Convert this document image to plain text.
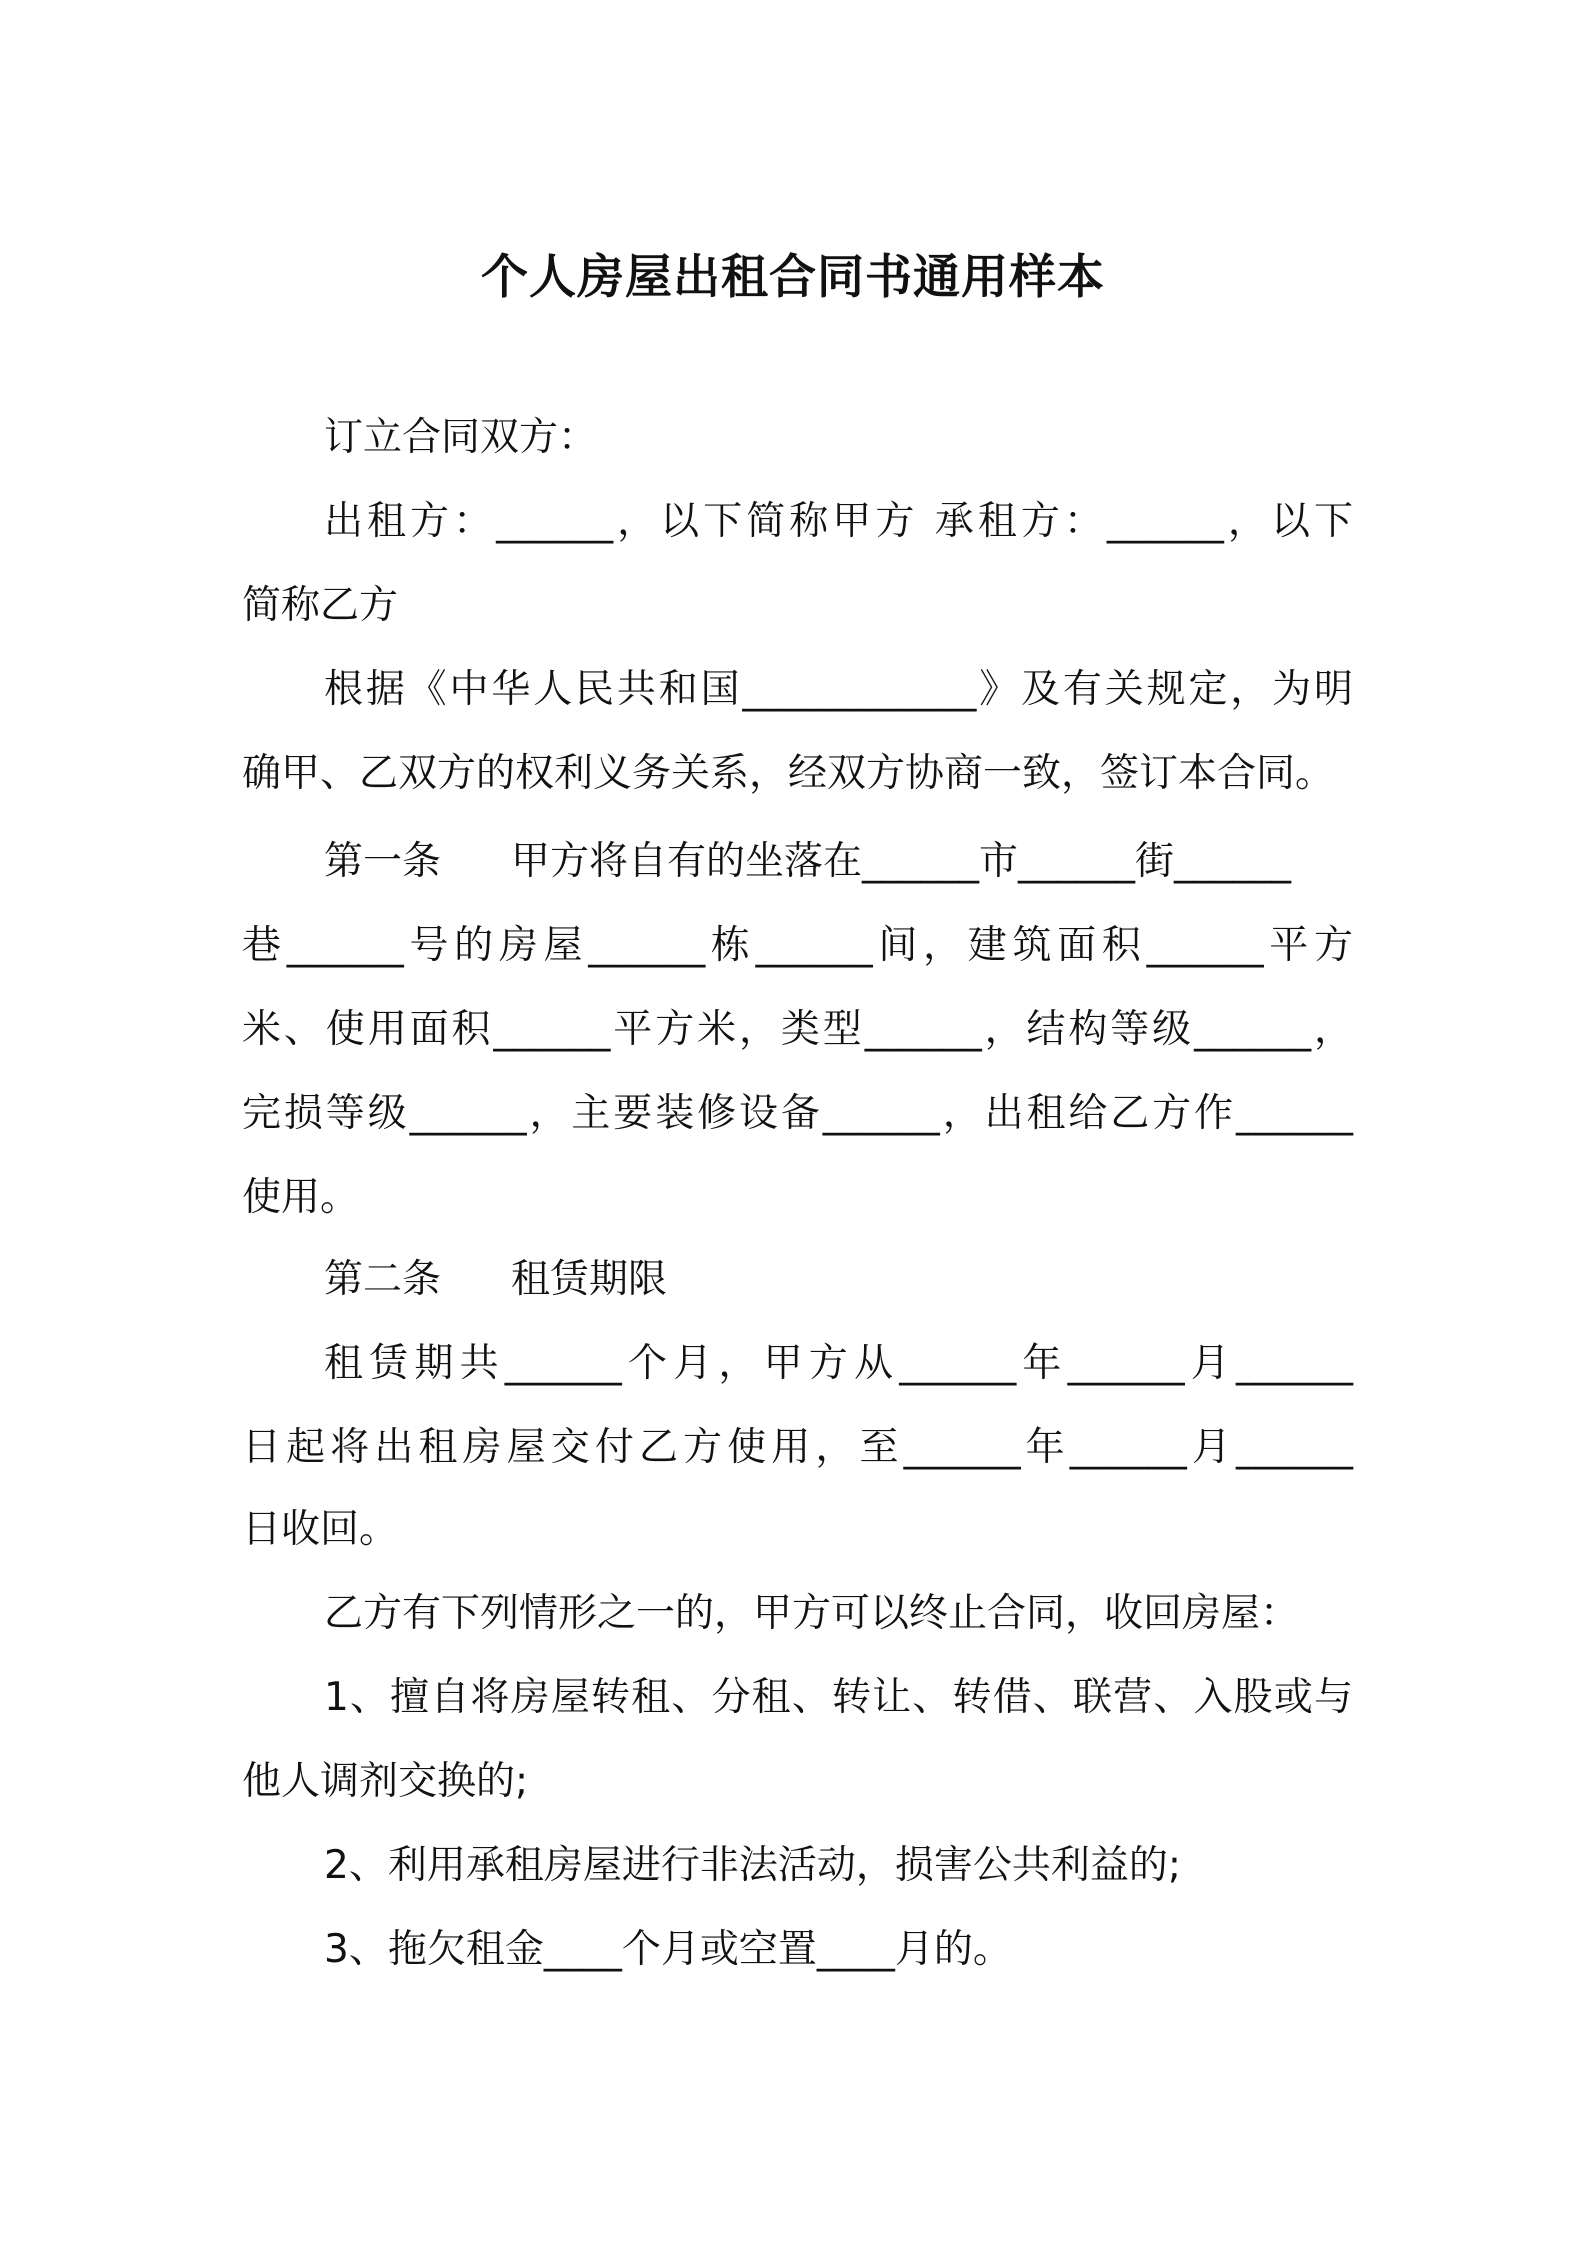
个人房屋出租合同书通用样本

订立合同双方：

出租方：______，以下简称甲方 承租方：______，以下

简称乙方

根据《中华人民共和国____________》及有关规定，为明

确甲、乙双方的权利义务关系，经双方协商一致，签订本合同。

第一条 甲方将自有的坐落在______市______街______

巷______号的房屋______栋______间，建筑面积______平方

米、使用面积______平方米，类型______，结构等级______，

完损等级______，主要装修设备______，出租给乙方作______

使用。

第二条 租赁期限

租赁期共______个月，甲方从______年______月______

日起将出租房屋交付乙方使用，至______年______月______

日收回。

乙方有下列情形之一的，甲方可以终止合同，收回房屋：

1、擅自将房屋转租、分租、转让、转借、联营、入股或与

他人调剂交换的;

2、利用承租房屋进行非法活动，损害公共利益的;

3、拖欠租金____个月或空置____月的。
